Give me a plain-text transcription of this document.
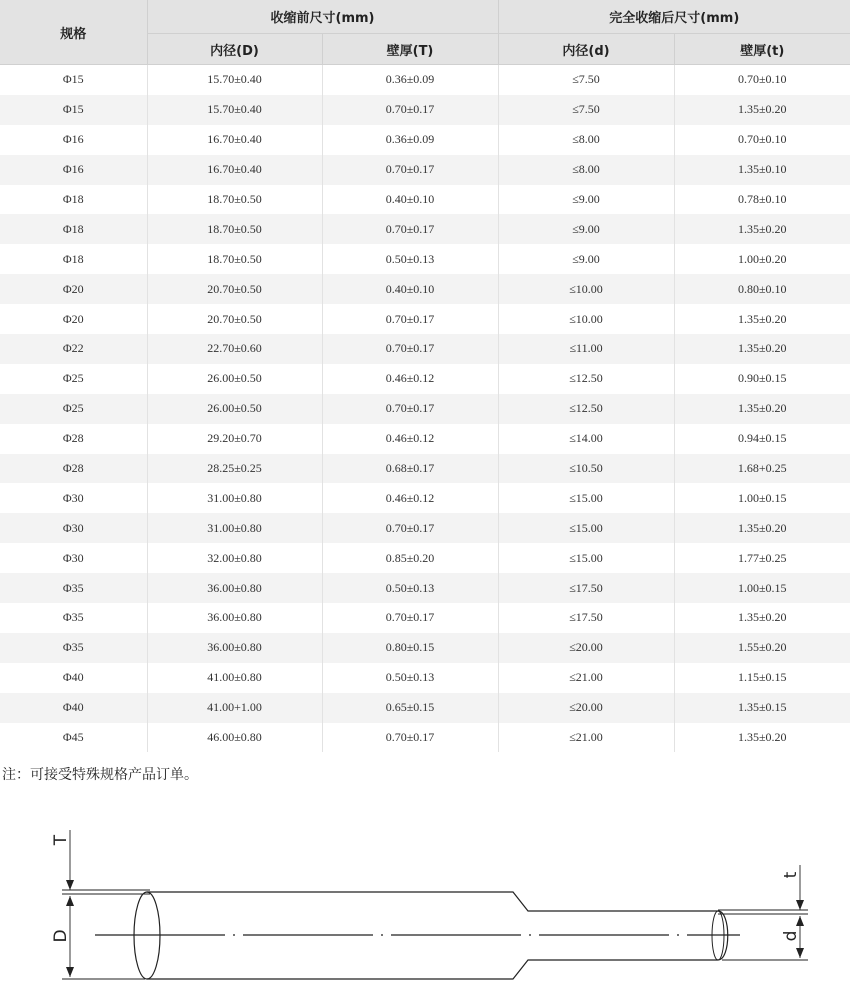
规格	收缩前尺寸(mm)		完全收缩后尺寸(mm)	
	内径(D)	壁厚(T)	内径(d)	壁厚(t)
Φ15	15.70±0.40	0.36±0.09	≤7.50	0.70±0.10
Φ15	15.70±0.40	0.70±0.17	≤7.50	1.35±0.20
Φ16	16.70±0.40	0.36±0.09	≤8.00	0.70±0.10
Φ16	16.70±0.40	0.70±0.17	≤8.00	1.35±0.10
Φ18	18.70±0.50	0.40±0.10	≤9.00	0.78±0.10
Φ18	18.70±0.50	0.70±0.17	≤9.00	1.35±0.20
Φ18	18.70±0.50	0.50±0.13	≤9.00	1.00±0.20
Φ20	20.70±0.50	0.40±0.10	≤10.00	0.80±0.10
Φ20	20.70±0.50	0.70±0.17	≤10.00	1.35±0.20
Φ22	22.70±0.60	0.70±0.17	≤11.00	1.35±0.20
Φ25	26.00±0.50	0.46±0.12	≤12.50	0.90±0.15
Φ25	26.00±0.50	0.70±0.17	≤12.50	1.35±0.20
Φ28	29.20±0.70	0.46±0.12	≤14.00	0.94±0.15
Φ28	28.25±0.25	0.68±0.17	≤10.50	1.68+0.25
Φ30	31.00±0.80	0.46±0.12	≤15.00	1.00±0.15
Φ30	31.00±0.80	0.70±0.17	≤15.00	1.35±0.20
Φ30	32.00±0.80	0.85±0.20	≤15.00	1.77±0.25
Φ35	36.00±0.80	0.50±0.13	≤17.50	1.00±0.15
Φ35	36.00±0.80	0.70±0.17	≤17.50	1.35±0.20
Φ35	36.00±0.80	0.80±0.15	≤20.00	1.55±0.20
Φ40	41.00±0.80	0.50±0.13	≤21.00	1.15±0.15
Φ40	41.00+1.00	0.65±0.15	≤20.00	1.35±0.15
Φ45	46.00±0.80	0.70±0.17	≤21.00	1.35±0.20
注：可接受特殊规格产品订单。
T
D
t
d
